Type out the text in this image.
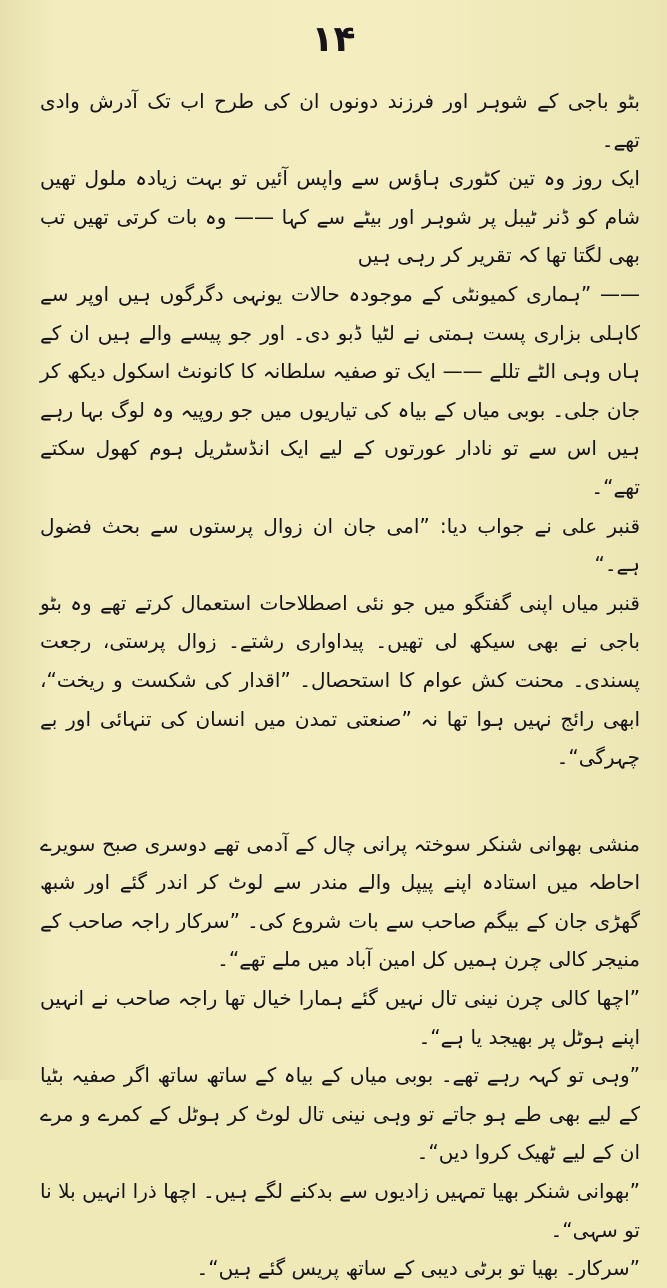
۱۴

بٹو باجی کے شوہر اور فرزند دونوں ان کی طرح اب تک آدرش وادی تھے۔

ایک روز وہ تین کٹوری ہاؤس سے واپس آئیں تو بہت زیادہ ملول تھیں شام کو ڈنر ٹیبل پر شوہر اور بیٹے سے کہا —— وہ بات کرتی تھیں تب بھی لگتا تھا کہ تقریر کر رہی ہیں

—— ”ہماری کمیونٹی کے موجودہ حالات یونہی دگرگوں ہیں اوپر سے کاہلی بزاری پست ہمتی نے لٹیا ڈبو دی۔ اور جو پیسے والے ہیں ان کے ہاں وہی الٹے تللے —— ایک تو صفیہ سلطانہ کا کانونٹ اسکول دیکھ کر جان جلی۔ بوبی میاں کے بیاہ کی تیاریوں میں جو روپیہ وہ لوگ بہا رہے ہیں اس سے تو نادار عورتوں کے لیے ایک انڈسٹریل ہوم کھول سکتے تھے“۔

قنبر علی نے جواب دیا: ”امی جان ان زوال پرستوں سے بحث فضول ہے۔“

قنبر میاں اپنی گفتگو میں جو نئی اصطلاحات استعمال کرتے تھے وہ بٹو باجی نے بھی سیکھ لی تھیں۔ پیداواری رشتے۔ زوال پرستی، رجعت پسندی۔ محنت کش عوام کا استحصال۔ ”اقدار کی شکست و ریخت“، ابھی رائج نہیں ہوا تھا نہ ”صنعتی تمدن میں انسان کی تنہائی اور بے چہرگی“۔

منشی بھوانی شنکر سوختہ پرانی چال کے آدمی تھے دوسری صبح سویرے احاطہ میں استادہ اپنے پیپل والے مندر سے لوٹ کر اندر گئے اور شبھ گھڑی جان کے بیگم صاحب سے بات شروع کی۔ ”سرکار راجہ صاحب کے منیجر کالی چرن ہمیں کل امین آباد میں ملے تھے“۔

”اچھا کالی چرن نینی تال نہیں گئے ہمارا خیال تھا راجہ صاحب نے انہیں اپنے ہوٹل پر بھیجد یا ہے“۔

”وہی تو کہہ رہے تھے۔ بوبی میاں کے بیاہ کے ساتھ ساتھ اگر صفیہ بٹیا کے لیے بھی طے ہو جاتے تو وہی نینی تال لوٹ کر ہوٹل کے کمرے و مرے ان کے لیے ٹھیک کروا دیں“۔

”بھوانی شنکر بھیا تمہیں زادیوں سے بدکنے لگے ہیں۔ اچھا ذرا انہیں بلا نا تو سہی“۔

”سرکار۔ بھیا تو برٹی دیبی کے ساتھ پریس گئے ہیں“۔
